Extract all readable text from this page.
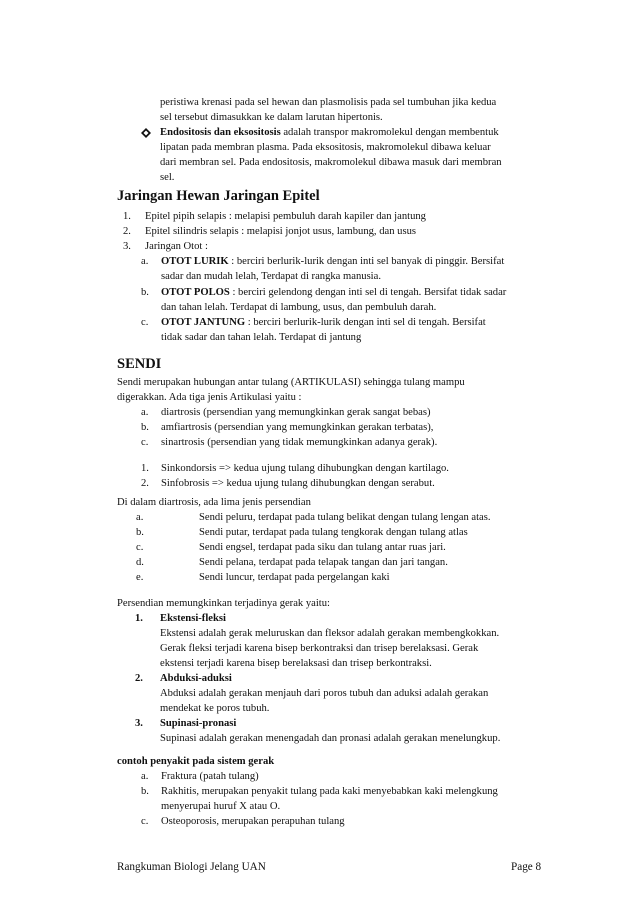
peristiwa krenasi pada sel hewan dan plasmolisis pada sel tumbuhan jika kedua
sel tersebut dimasukkan ke dalam larutan hipertonis.
Endositosis dan eksositosis adalah transpor makromolekul dengan membentuk
lipatan pada membran plasma. Pada eksositosis, makromolekul dibawa keluar
dari membran sel. Pada endositosis, makromolekul dibawa masuk dari membran
sel.
Jaringan Hewan Jaringan Epitel
1. Epitel pipih selapis : melapisi pembuluh darah kapiler dan jantung
2. Epitel silindris selapis : melapisi jonjot usus, lambung, dan usus
3. Jaringan Otot :
a. OTOT LURIK : berciri berlurik-lurik dengan inti sel banyak di pinggir. Bersifat
sadar dan mudah lelah, Terdapat di rangka manusia.
b. OTOT POLOS : berciri gelendong dengan inti sel di tengah. Bersifat tidak sadar
dan tahan lelah. Terdapat di lambung, usus, dan pembuluh darah.
c. OTOT JANTUNG : berciri berlurik-lurik dengan inti sel di tengah. Bersifat
tidak sadar dan tahan lelah. Terdapat di jantung
SENDI
Sendi merupakan hubungan antar tulang (ARTIKULASI) sehingga tulang mampu
digerakkan. Ada tiga jenis Artikulasi yaitu :
a. diartrosis (persendian yang memungkinkan gerak sangat bebas)
b. amfiartrosis (persendian yang memungkinkan gerakan terbatas),
c. sinartrosis (persendian yang tidak memungkinkan adanya gerak).
1. Sinkondorsis => kedua ujung tulang dihubungkan dengan kartilago.
2. Sinfobrosis => kedua ujung tulang dihubungkan dengan serabut.
Di dalam diartrosis, ada lima jenis persendian
a.	Sendi peluru, terdapat pada tulang belikat dengan tulang lengan atas.
b.	Sendi putar, terdapat pada tulang tengkorak dengan tulang atlas
c.	Sendi engsel, terdapat pada siku dan tulang antar ruas jari.
d.	Sendi pelana, terdapat pada telapak tangan dan jari tangan.
e.	Sendi luncur, terdapat pada pergelangan kaki
Persendian memungkinkan terjadinya gerak yaitu:
1. Ekstensi-fleksi
Ekstensi adalah gerak meluruskan dan fleksor adalah gerakan membengkokkan.
Gerak fleksi terjadi karena bisep berkontraksi dan trisep berelaksasi. Gerak
ekstensi terjadi karena bisep berelaksasi dan trisep berkontraksi.
2. Abduksi-aduksi
Abduksi adalah gerakan menjauh dari poros tubuh dan aduksi adalah gerakan
mendekat ke poros tubuh.
3. Supinasi-pronasi
Supinasi adalah gerakan menengadah dan pronasi adalah gerakan menelungkup.
contoh penyakit pada sistem gerak
a. Fraktura (patah tulang)
b. Rakhitis, merupakan penyakit tulang pada kaki menyebabkan kaki melengkung
menyerupai huruf X atau O.
c. Osteoporosis, merupakan perapuhan tulang
Rangkuman Biologi Jelang UAN	Page 8
